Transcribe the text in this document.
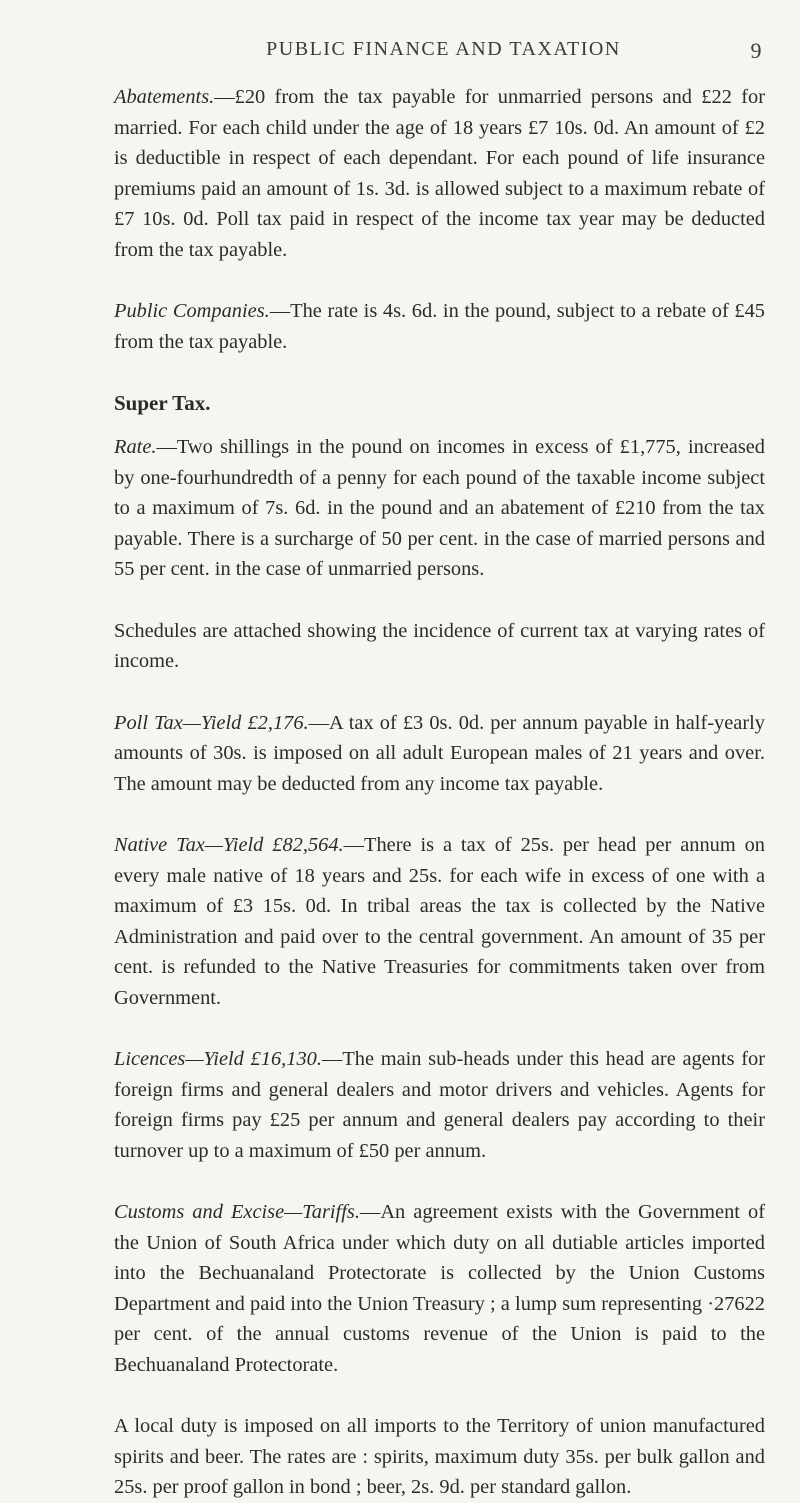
PUBLIC FINANCE AND TAXATION	9

Abatements.—£20 from the tax payable for unmarried persons and £22 for married. For each child under the age of 18 years £7 10s. 0d. An amount of £2 is deductible in respect of each dependant. For each pound of life insurance premiums paid an amount of 1s. 3d. is allowed subject to a maximum rebate of £7 10s. 0d. Poll tax paid in respect of the income tax year may be deducted from the tax payable.

Public Companies.—The rate is 4s. 6d. in the pound, subject to a rebate of £45 from the tax payable.

Super Tax.

Rate.—Two shillings in the pound on incomes in excess of £1,775, increased by one-fourhundredth of a penny for each pound of the taxable income subject to a maximum of 7s. 6d. in the pound and an abatement of £210 from the tax payable. There is a surcharge of 50 per cent. in the case of married persons and 55 per cent. in the case of unmarried persons.

Schedules are attached showing the incidence of current tax at varying rates of income.

Poll Tax—Yield £2,176.—A tax of £3 0s. 0d. per annum payable in half-yearly amounts of 30s. is imposed on all adult European males of 21 years and over. The amount may be deducted from any income tax payable.

Native Tax—Yield £82,564.—There is a tax of 25s. per head per annum on every male native of 18 years and 25s. for each wife in excess of one with a maximum of £3 15s. 0d. In tribal areas the tax is collected by the Native Administration and paid over to the central government. An amount of 35 per cent. is refunded to the Native Treasuries for commitments taken over from Government.

Licences—Yield £16,130.—The main sub-heads under this head are agents for foreign firms and general dealers and motor drivers and vehicles. Agents for foreign firms pay £25 per annum and general dealers pay according to their turnover up to a maximum of £50 per annum.

Customs and Excise—Tariffs.—An agreement exists with the Government of the Union of South Africa under which duty on all dutiable articles imported into the Bechuanaland Protectorate is collected by the Union Customs Department and paid into the Union Treasury ; a lump sum representing ·27622 per cent. of the annual customs revenue of the Union is paid to the Bechuanaland Protectorate.

A local duty is imposed on all imports to the Territory of union manufactured spirits and beer. The rates are : spirits, maximum duty 35s. per bulk gallon and 25s. per proof gallon in bond ; beer, 2s. 9d. per standard gallon.
